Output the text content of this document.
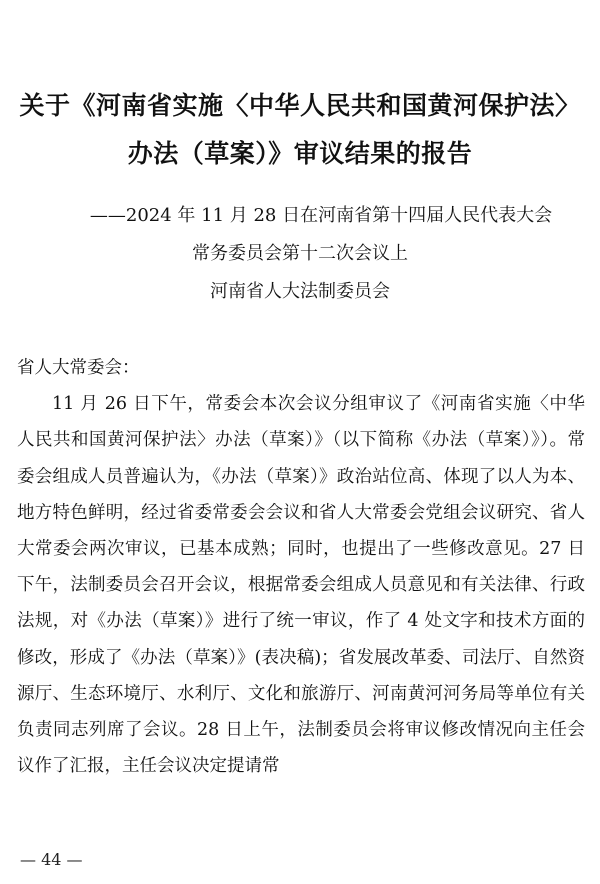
关于《河南省实施〈中华人民共和国黄河保护法〉
办法（草案）》审议结果的报告
——2024 年 11 月 28 日在河南省第十四届人民代表大会
常务委员会第十二次会议上
河南省人大法制委员会
省人大常委会：

11 月 26 日下午，常委会本次会议分组审议了《河南省实施〈中华人民共和国黄河保护法〉办法（草案）》（以下简称《办法（草案）》）。常委会组成人员普遍认为，《办法（草案）》政治站位高、体现了以人为本、地方特色鲜明，经过省委常委会会议和省人大常委会党组会议研究、省人大常委会两次审议，已基本成熟；同时，也提出了一些修改意见。27 日下午，法制委员会召开会议，根据常委会组成人员意见和有关法律、行政法规，对《办法（草案）》进行了统一审议，作了 4 处文字和技术方面的修改，形成了《办法（草案）》(表决稿)；省发展改革委、司法厅、自然资源厅、生态环境厅、水利厅、文化和旅游厅、河南黄河河务局等单位有关负责同志列席了会议。28 日上午，法制委员会将审议修改情况向主任会议作了汇报，主任会议决定提请常

— 44 —
